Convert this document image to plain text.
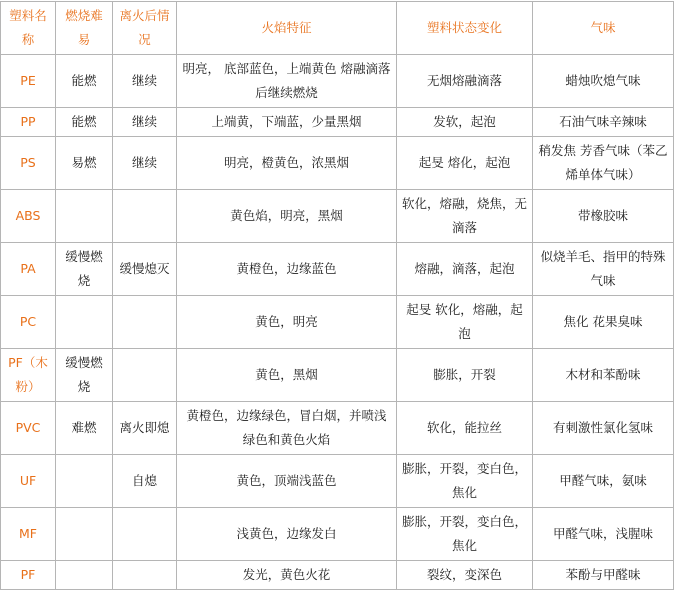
塑料名称	燃烧难易	离火后情况	火焰特征	塑料状态变化	气味
PE	能燃	继续	明亮， 底部蓝色，上端黄色 熔融滴落后继续燃烧	无烟熔融滴落	蜡烛吹熄气味
PP	能燃	继续	上端黄，下端蓝，少量黑烟	发软，起泡	石油气味辛辣味
PS	易燃	继续	明亮，橙黄色，浓黑烟	起旻 熔化，起泡	稍发焦 芳香气味（苯乙烯单体气味）
ABS			黄色焰，明亮，黑烟	软化，熔融，烧焦，无滴落	带橡胶味
PA	缓慢燃烧	缓慢熄灭	黄橙色，边缘蓝色	熔融，滴落，起泡	似烧羊毛、指甲的特殊气味
PC			黄色，明亮	起旻 软化，熔融，起泡	焦化 花果臭味
PF（木粉）	缓慢燃烧		黄色，黑烟	膨胀，开裂	木材和苯酚味
PVC	难燃	离火即熄	黄橙色，边缘绿色，冒白烟，并喷浅绿色和黄色火焰	软化，能拉丝	有刺激性氯化氢味
UF		自熄	黄色，顶端浅蓝色	膨胀，开裂，变白色，焦化	甲醛气味，氨味
MF			浅黄色，边缘发白	膨胀，开裂，变白色，焦化	甲醛气味，浅腥味
PF			发光，黄色火花	裂纹，变深色	苯酚与甲醛味
